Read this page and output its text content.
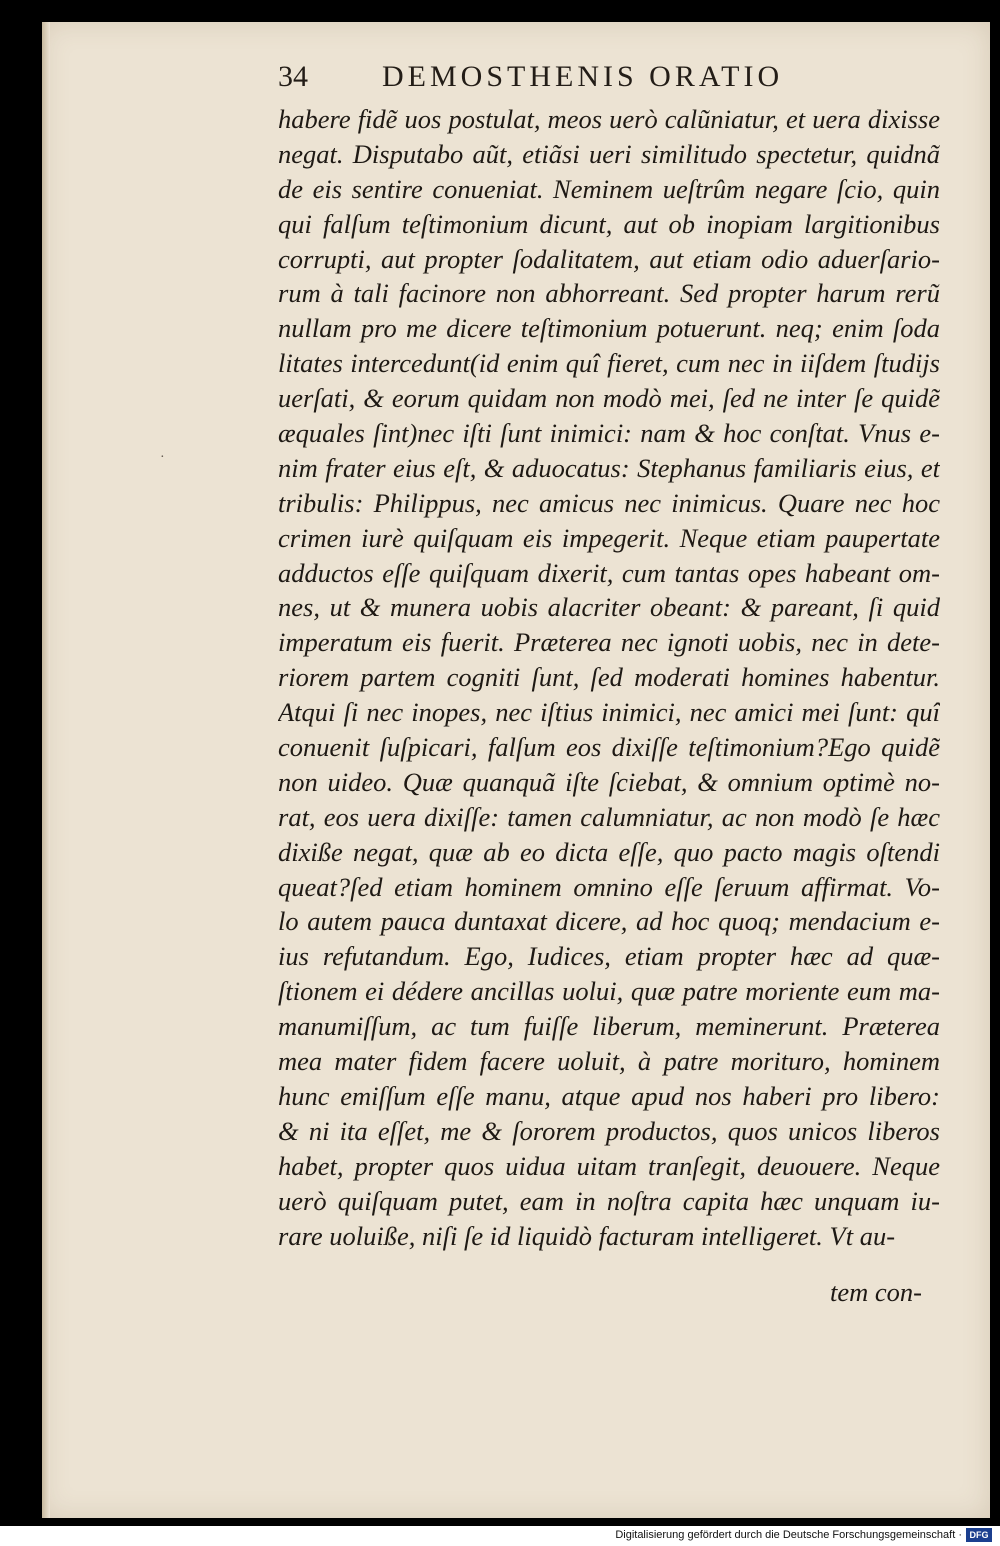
34 DEMOSTHENIS ORATIO
·
habere fidẽ uos postulat, meos uerò calũniatur, et uera dixisse
negat. Disputabo aũt, etiãsi ueri similitudo spectetur, quidnã
de eis sentire conueniat. Neminem ueſtrûm negare ſcio, quin
qui falſum teſtimonium dicunt, aut ob inopiam largitionibus
corrupti, aut propter ſodalitatem, aut etiam odio aduerſario-
rum à tali facinore non abhorreant. Sed propter harum rerũ
nullam pro me dicere teſtimonium potuerunt. neq; enim ſoda
litates intercedunt(id enim quî fieret, cum nec in iiſdem ſtudijs
uerſati, & eorum quidam non modò mei, ſed ne inter ſe quidẽ
æquales ſint)nec iſti ſunt inimici: nam & hoc conſtat. Vnus e-
nim frater eius eſt, & aduocatus: Stephanus familiaris eius, et
tribulis: Philippus, nec amicus nec inimicus. Quare nec hoc
crimen iurè quiſquam eis impegerit. Neque etiam paupertate
adductos eſſe quiſquam dixerit, cum tantas opes habeant om-
nes, ut & munera uobis alacriter obeant: & pareant, ſi quid
imperatum eis fuerit. Præterea nec ignoti uobis, nec in dete-
riorem partem cogniti ſunt, ſed moderati homines habentur.
Atqui ſi nec inopes, nec iſtius inimici, nec amici mei ſunt: quî
conuenit ſuſpicari, falſum eos dixiſſe teſtimonium?Ego quidẽ
non uideo. Quæ quanquã iſte ſciebat, & omnium optimè no-
rat, eos uera dixiſſe: tamen calumniatur, ac non modò ſe hæc
dixiße negat, quæ ab eo dicta eſſe, quo pacto magis oſtendi
queat?ſed etiam hominem omnino eſſe ſeruum affirmat. Vo-
lo autem pauca duntaxat dicere, ad hoc quoq; mendacium e-
ius refutandum. Ego, Iudices, etiam propter hæc ad quæ-
ſtionem ei dédere ancillas uolui, quæ patre moriente eum ma-
manumiſſum, ac tum fuiſſe liberum, meminerunt. Præterea
mea mater fidem facere uoluit, à patre morituro, hominem
hunc emiſſum eſſe manu, atque apud nos haberi pro libero:
& ni ita eſſet, me & ſororem productos, quos unicos liberos
habet, propter quos uidua uitam tranſegit, deuouere. Neque
uerò quiſquam putet, eam in noſtra capita hæc unquam iu-
rare uoluiße, niſi ſe id liquidò facturam intelligeret. Vt au-
tem con-
Digitalisierung gefördert durch die Deutsche Forschungsgemeinschaft · DFG
